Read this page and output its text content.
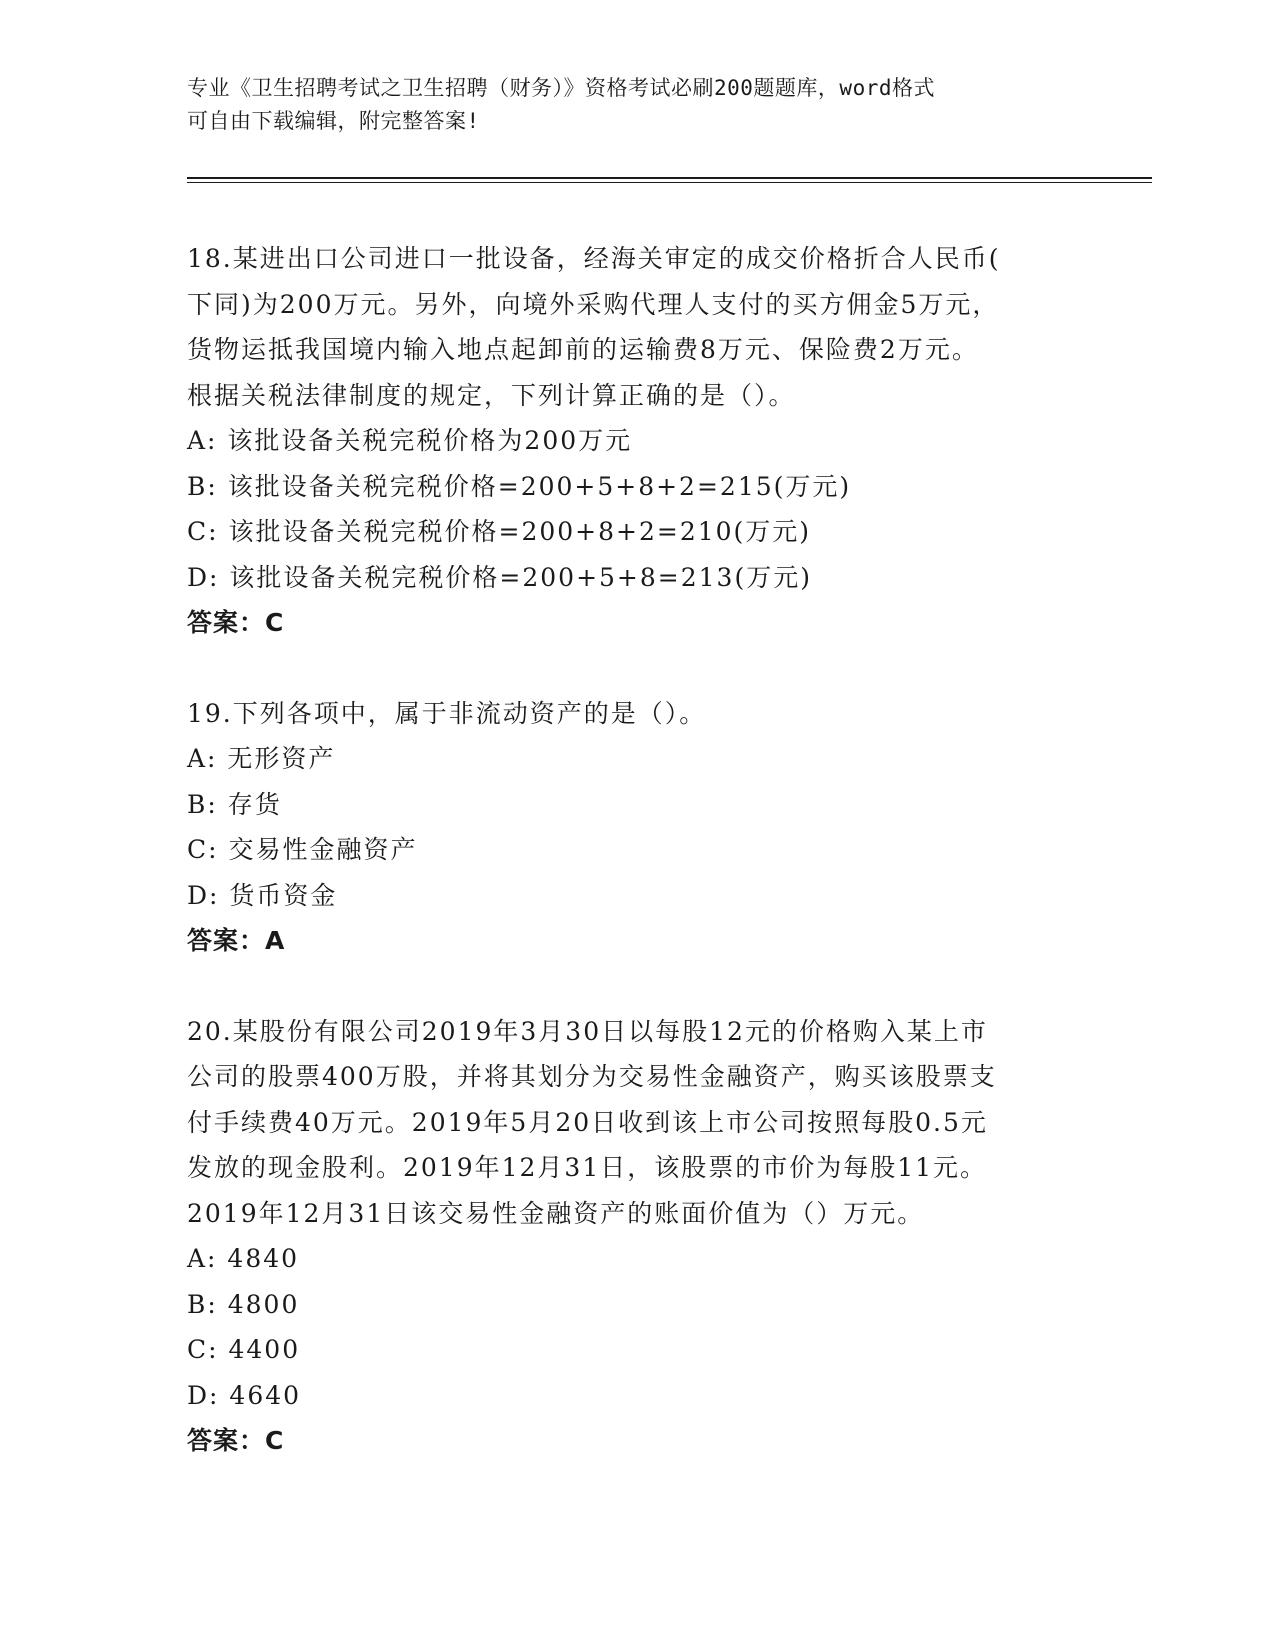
专业《卫生招聘考试之卫生招聘（财务）》资格考试必刷200题题库，word格式
可自由下载编辑，附完整答案!
18.某进出口公司进口一批设备，经海关审定的成交价格折合人民币(
下同)为200万元。另外，向境外采购代理人支付的买方佣金5万元，
货物运抵我国境内输入地点起卸前的运输费8万元、保险费2万元。
根据关税法律制度的规定，下列计算正确的是（）。
A: 该批设备关税完税价格为200万元
B: 该批设备关税完税价格=200+5+8+2=215(万元)
C: 该批设备关税完税价格=200+8+2=210(万元)
D: 该批设备关税完税价格=200+5+8=213(万元)
答案：C
19.下列各项中，属于非流动资产的是（）。
A: 无形资产
B: 存货
C: 交易性金融资产
D: 货币资金
答案：A
20.某股份有限公司2019年3月30日以每股12元的价格购入某上市
公司的股票400万股，并将其划分为交易性金融资产，购买该股票支
付手续费40万元。2019年5月20日收到该上市公司按照每股0.5元
发放的现金股利。2019年12月31日，该股票的市价为每股11元。
2019年12月31日该交易性金融资产的账面价值为（）万元。
A: 4840
B: 4800
C: 4400
D: 4640
答案：C
